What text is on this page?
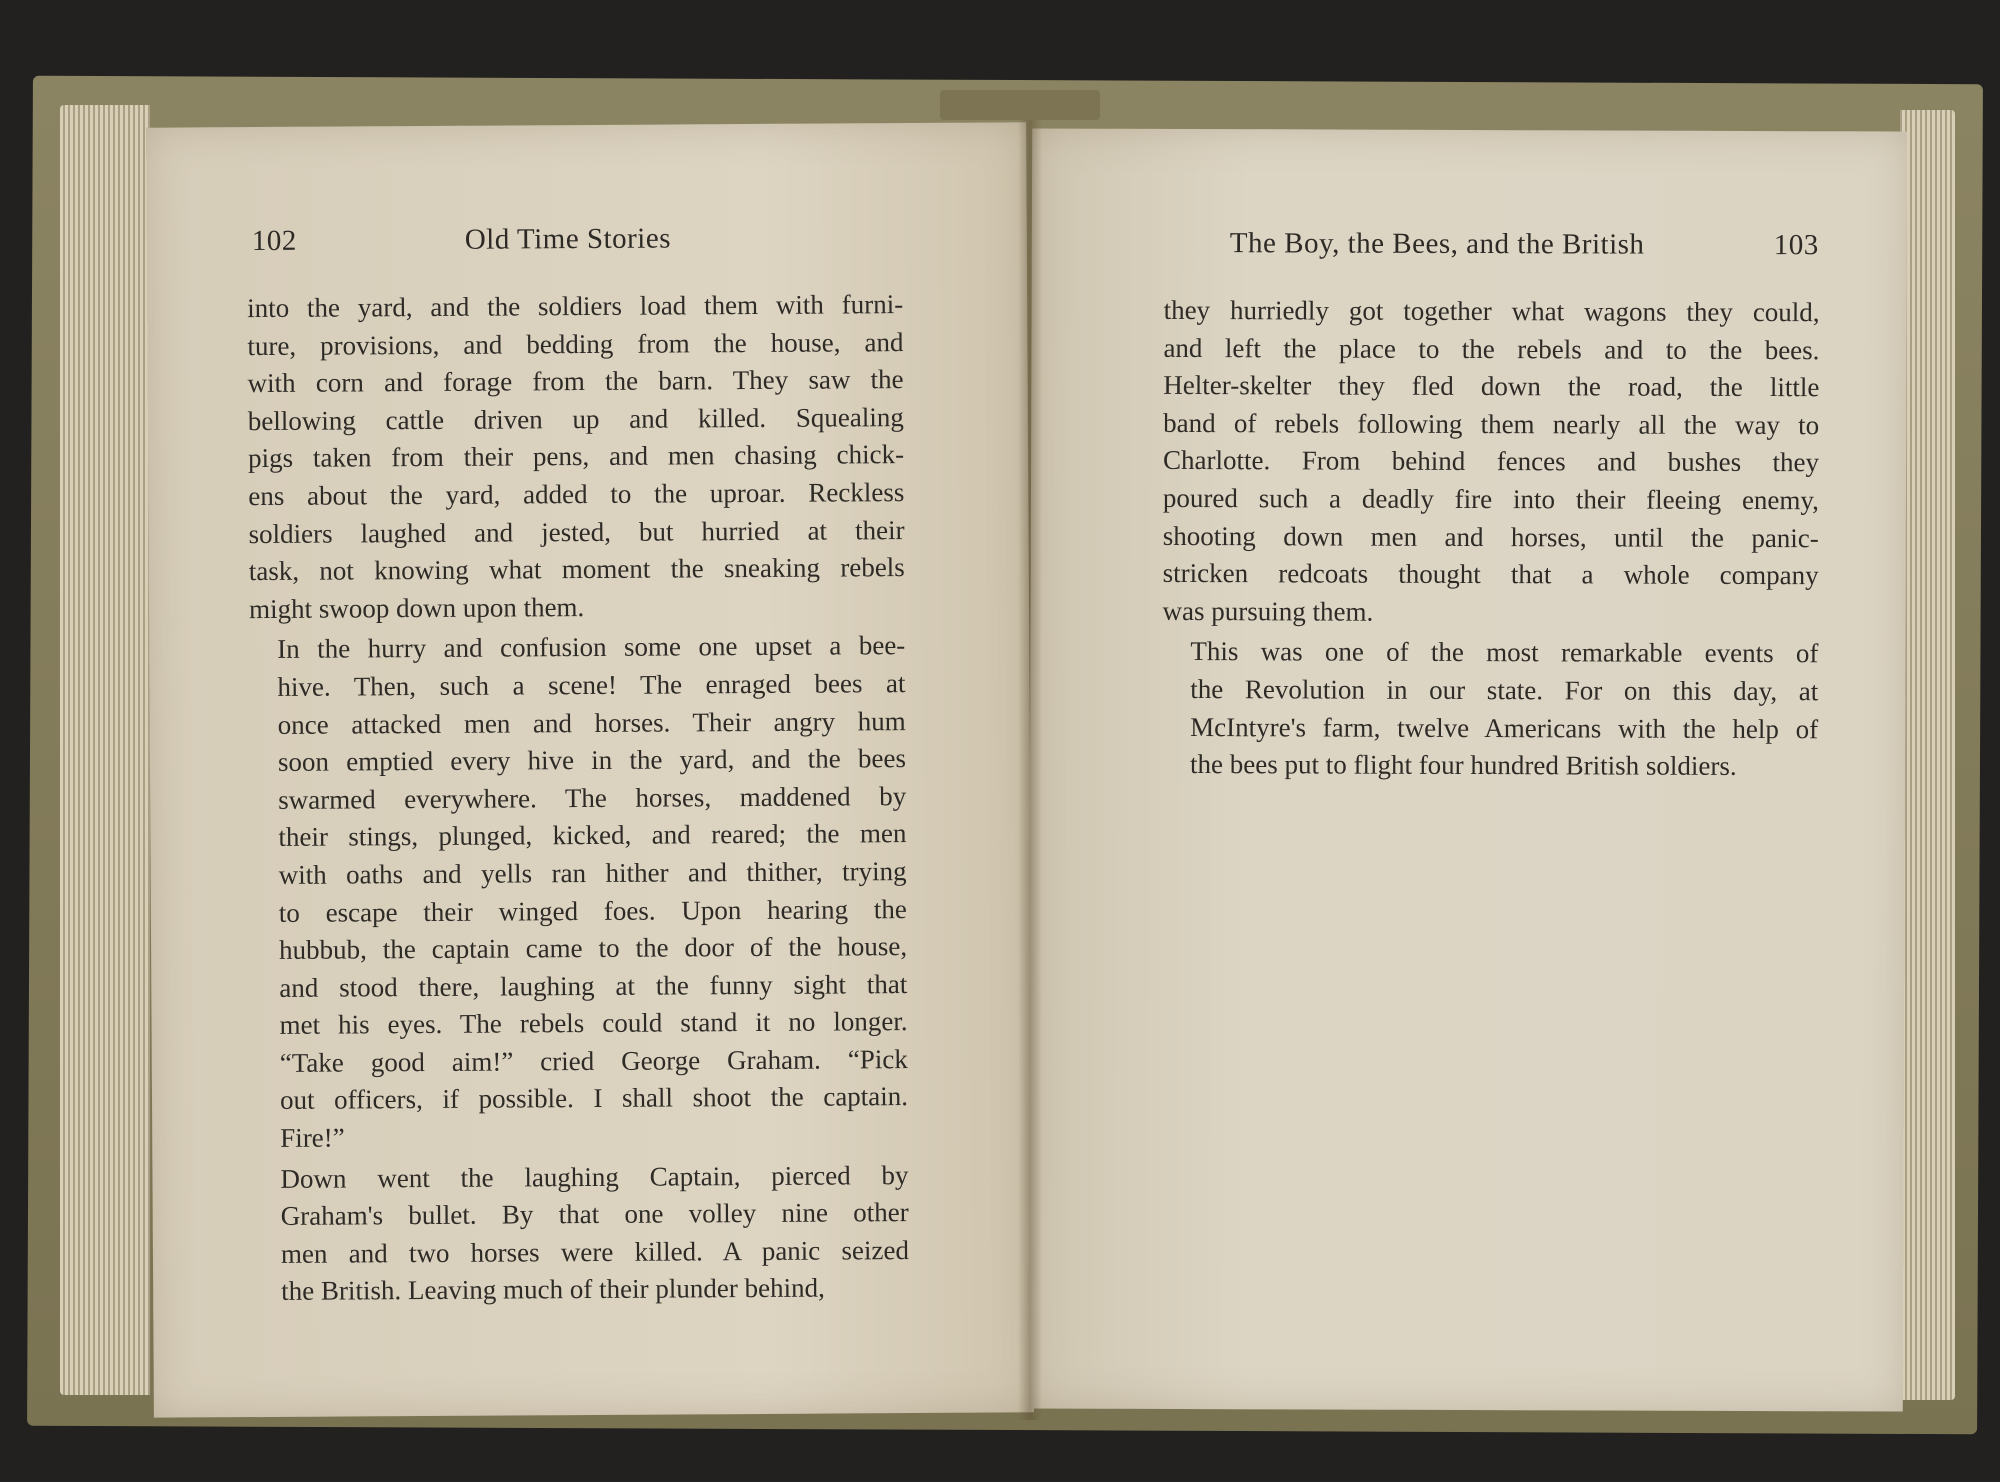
102	Old Time Stories

into the yard, and the soldiers load them with furni-
ture, provisions, and bedding from the house, and
with corn and forage from the barn. They saw the
bellowing cattle driven up and killed. Squealing
pigs taken from their pens, and men chasing chick-
ens about the yard, added to the uproar. Reckless
soldiers laughed and jested, but hurried at their
task, not knowing what moment the sneaking rebels
might swoop down upon them.

In the hurry and confusion some one upset a bee-
hive. Then, such a scene! The enraged bees at
once attacked men and horses. Their angry hum
soon emptied every hive in the yard, and the bees
swarmed everywhere. The horses, maddened by
their stings, plunged, kicked, and reared; the men
with oaths and yells ran hither and thither, trying
to escape their winged foes. Upon hearing the
hubbub, the captain came to the door of the house,
and stood there, laughing at the funny sight that
met his eyes. The rebels could stand it no longer.
“Take good aim!” cried George Graham. “Pick
out officers, if possible. I shall shoot the captain.
Fire!”

Down went the laughing Captain, pierced by
Graham's bullet. By that one volley nine other
men and two horses were killed. A panic seized
the British. Leaving much of their plunder behind,

The Boy, the Bees, and the British	103

they hurriedly got together what wagons they could,
and left the place to the rebels and to the bees.
Helter-skelter they fled down the road, the little
band of rebels following them nearly all the way to
Charlotte. From behind fences and bushes they
poured such a deadly fire into their fleeing enemy,
shooting down men and horses, until the panic-
stricken redcoats thought that a whole company
was pursuing them.

This was one of the most remarkable events of
the Revolution in our state. For on this day, at
McIntyre's farm, twelve Americans with the help of
the bees put to flight four hundred British soldiers.
